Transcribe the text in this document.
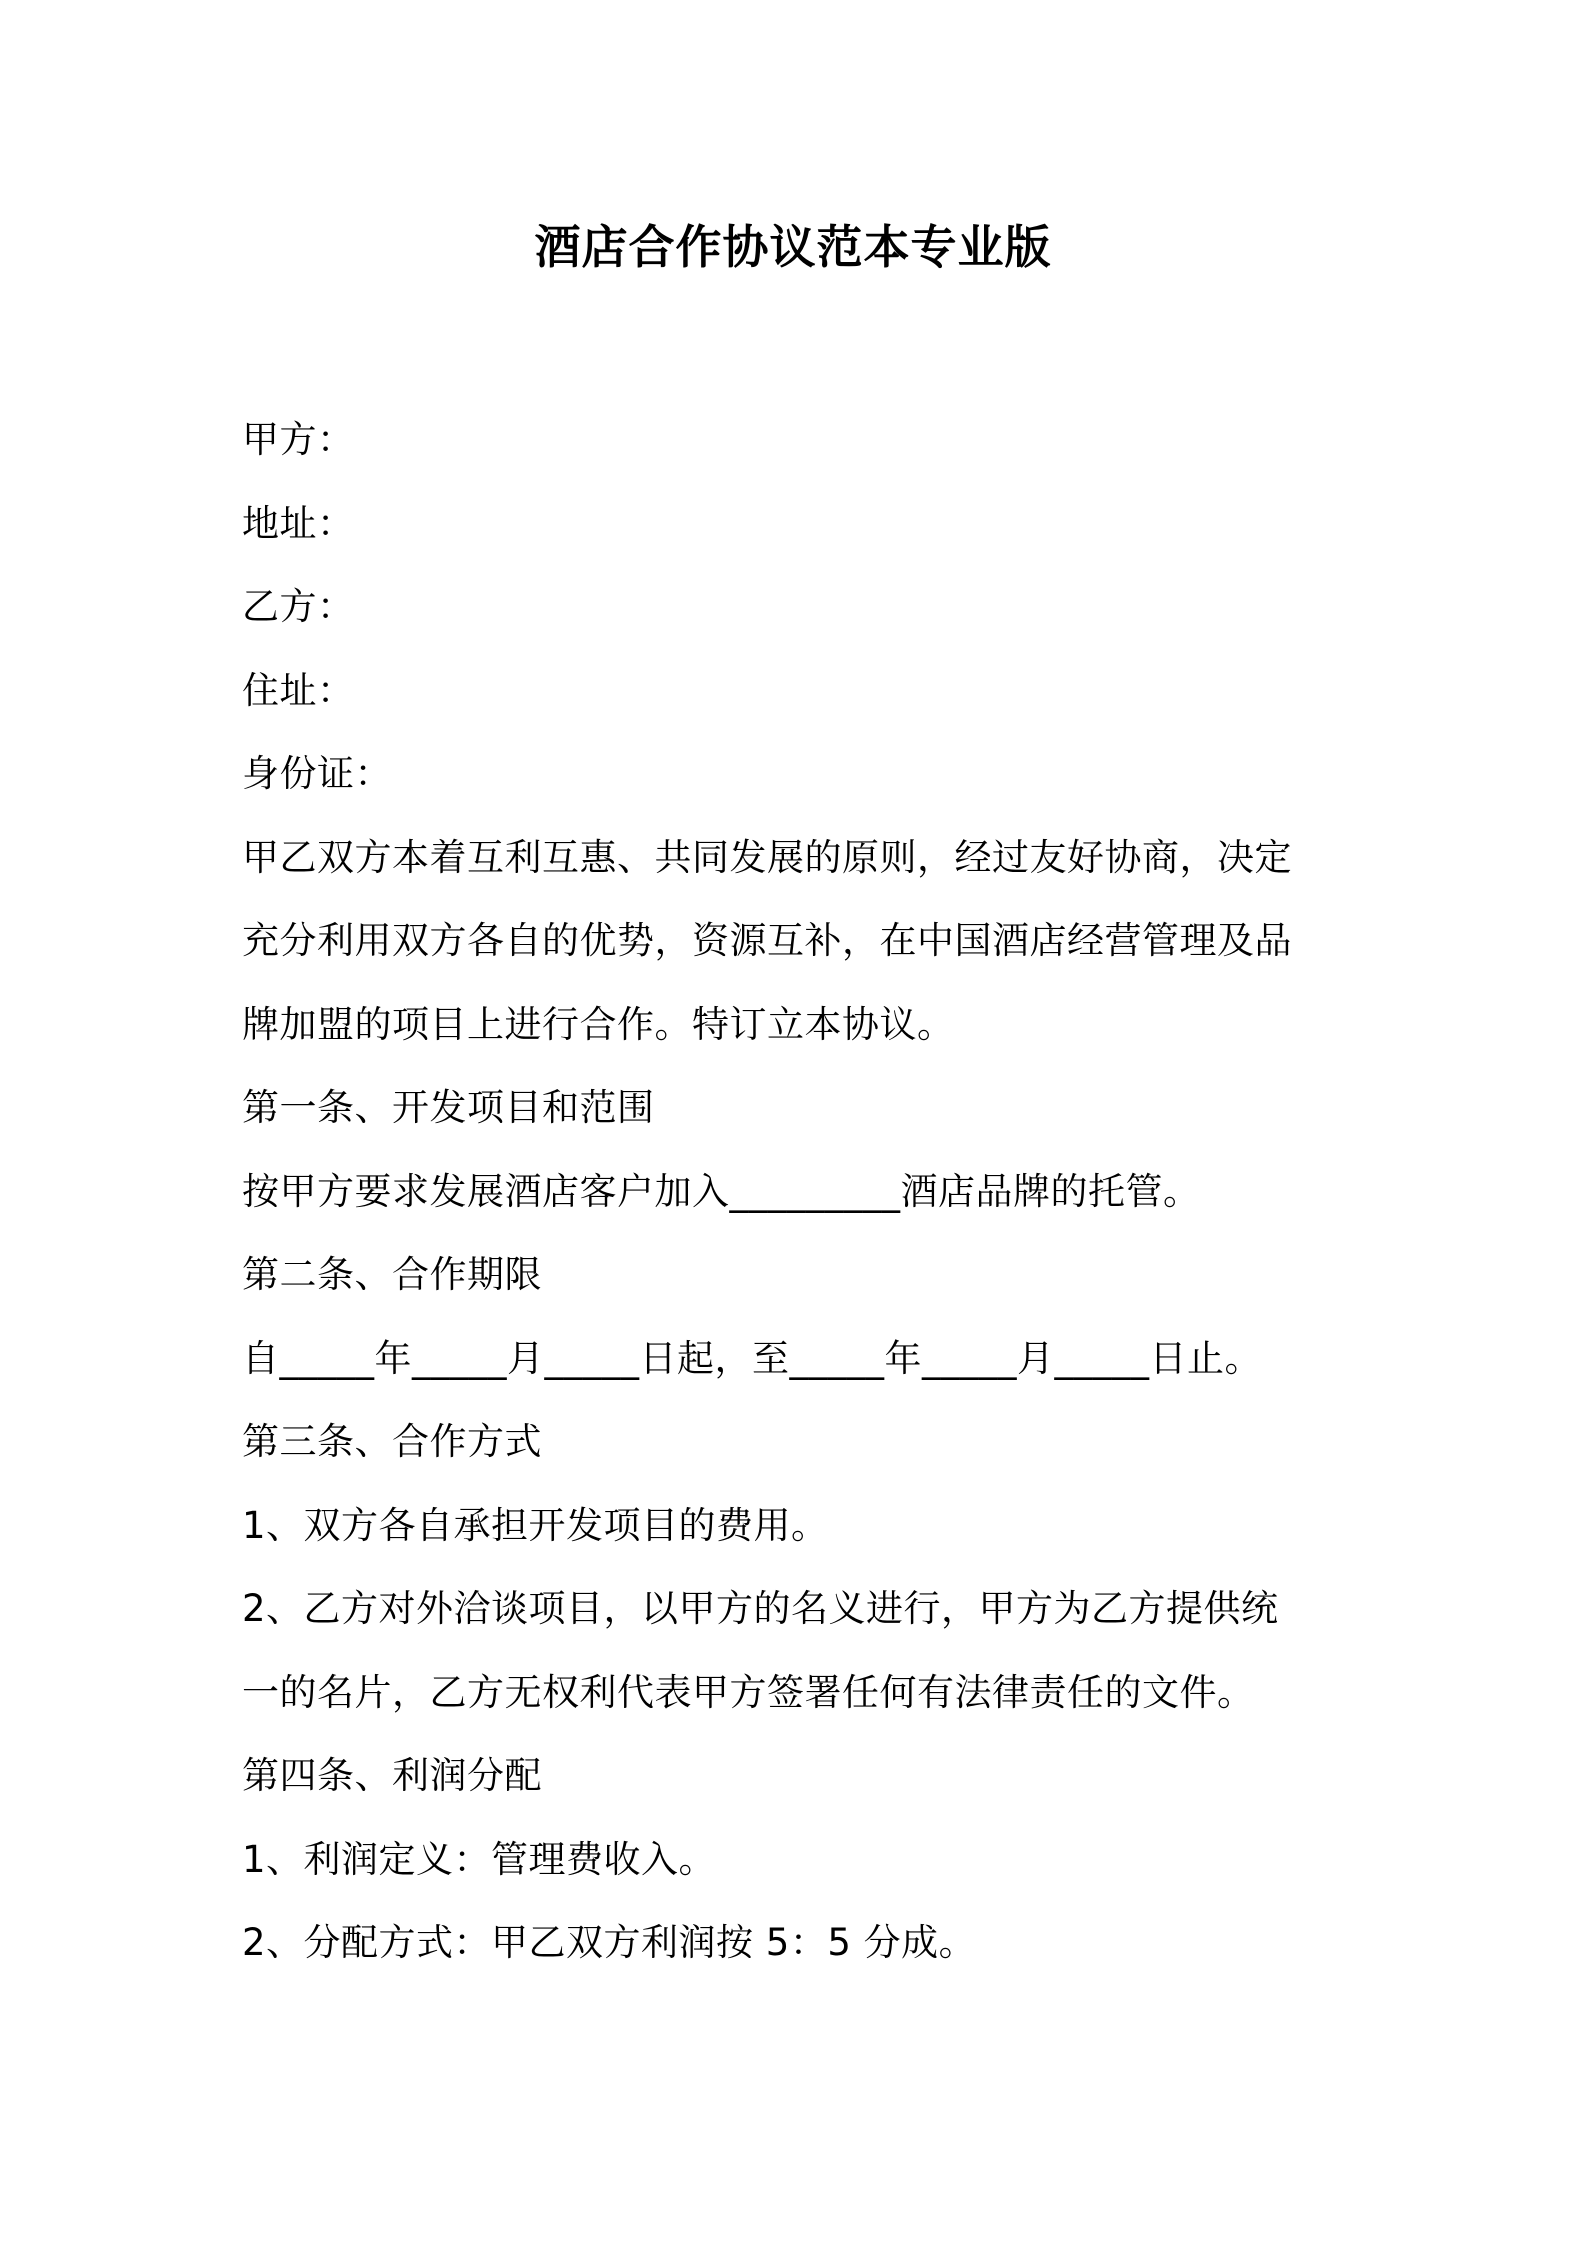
酒店合作协议范本专业版
甲方：
地址：
乙方：
住址：
身份证：
甲乙双方本着互利互惠、共同发展的原则，经过友好协商，决定
充分利用双方各自的优势，资源互补，在中国酒店经营管理及品
牌加盟的项目上进行合作。特订立本协议。
第一条、开发项目和范围
按甲方要求发展酒店客户加入_________酒店品牌的托管。
第二条、合作期限
自_____年_____月_____日起，至_____年_____月_____日止。
第三条、合作方式
1、双方各自承担开发项目的费用。
2、乙方对外洽谈项目，以甲方的名义进行，甲方为乙方提供统
一的名片，乙方无权利代表甲方签署任何有法律责任的文件。
第四条、利润分配
1、利润定义：管理费收入。
2、分配方式：甲乙双方利润按 5：5 分成。
